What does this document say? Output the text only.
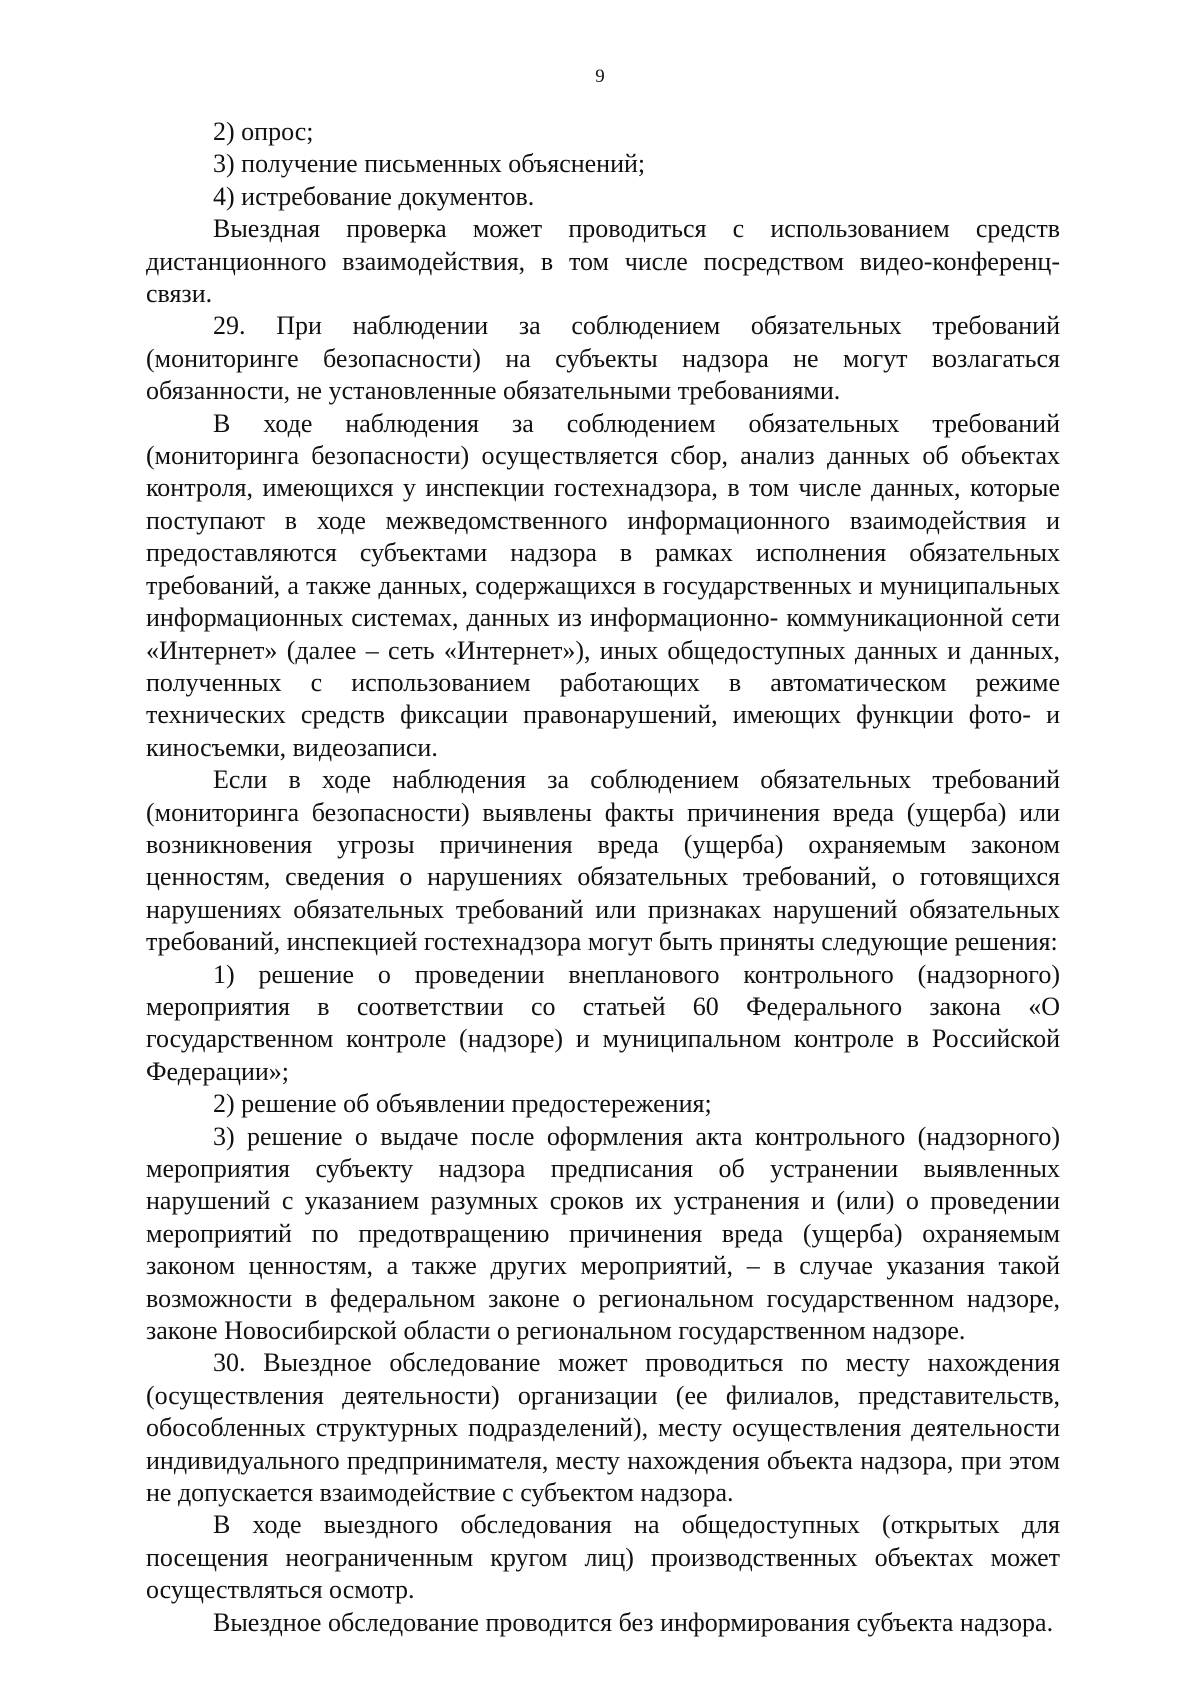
9

2) опрос;

3) получение письменных объяснений;

4) истребование документов.

Выездная проверка может проводиться с использованием средств дистанционного взаимодействия, в том числе посредством видео-конференц-связи.

29. При наблюдении за соблюдением обязательных требований (мониторинге безопасности) на субъекты надзора не могут возлагаться обязанности, не установленные обязательными требованиями.

В ходе наблюдения за соблюдением обязательных требований (мониторинга безопасности) осуществляется сбор, анализ данных об объектах контроля, имеющихся у инспекции гостехнадзора, в том числе данных, которые поступают в ходе межведомственного информационного взаимодействия и предоставляются субъектами надзора в рамках исполнения обязательных требований, а также данных, содержащихся в государственных и муниципальных информационных системах, данных из информационно- коммуникационной сети «Интернет» (далее – сеть «Интернет»), иных общедоступных данных и данных, полученных с использованием работающих в автоматическом режиме технических средств фиксации правонарушений, имеющих функции фото- и киносъемки, видеозаписи.

Если в ходе наблюдения за соблюдением обязательных требований (мониторинга безопасности) выявлены факты причинения вреда (ущерба) или возникновения угрозы причинения вреда (ущерба) охраняемым законом ценностям, сведения о нарушениях обязательных требований, о готовящихся нарушениях обязательных требований или признаках нарушений обязательных требований, инспекцией гостехнадзора могут быть приняты следующие решения:

1) решение о проведении внепланового контрольного (надзорного) мероприятия в соответствии со статьей 60 Федерального закона «О государственном контроле (надзоре) и муниципальном контроле в Российской Федерации»;

2) решение об объявлении предостережения;

3) решение о выдаче после оформления акта контрольного (надзорного) мероприятия субъекту надзора предписания об устранении выявленных нарушений с указанием разумных сроков их устранения и (или) о проведении мероприятий по предотвращению причинения вреда (ущерба) охраняемым законом ценностям, а также других мероприятий, – в случае указания такой возможности в федеральном законе о региональном государственном надзоре, законе Новосибирской области о региональном государственном надзоре.

30. Выездное обследование может проводиться по месту нахождения (осуществления деятельности) организации (ее филиалов, представительств, обособленных структурных подразделений), месту осуществления деятельности индивидуального предпринимателя, месту нахождения объекта надзора, при этом не допускается взаимодействие с субъектом надзора.

В ходе выездного обследования на общедоступных (открытых для посещения неограниченным кругом лиц) производственных объектах может осуществляться осмотр.

Выездное обследование проводится без информирования субъекта надзора.
